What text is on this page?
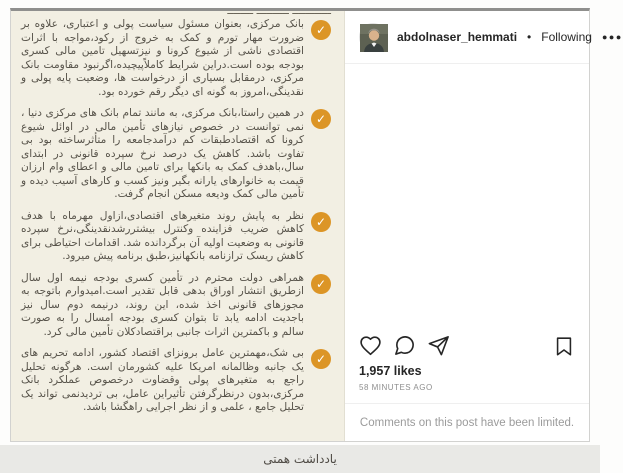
ــــــــــــ ــــــــــ ــــــــ
✓

بانک مرکزی، بعنوان مسئول سیاست پولی و اعتباری، علاوه بر ضرورت مهار تورم و کمک به خروج از رکود،مواجه با اثرات اقتصادی ناشی از شیوع کرونا و نیزتسهیل تامین مالی کسری بودجه بوده است.دراین شرایط کاملاًپیچیده،اگرنبود مقاومت بانک مرکزی، درمقابل بسیاری از درخواست ها، وضعیت پایه پولی و نقدینگی،امروز به گونه ای دیگر رقم خورده بود.

✓

در همین راستا،بانک مرکزی، به مانند تمام بانک های مرکزی دنیا ، نمی توانست در خصوص نیازهای تأمین مالی در اوائل شیوع کرونا که اقتصادطبقات کم درآمدجامعه را متأثرساخته بود بی تفاوت باشد. کاهش یک درصد نرخ سپرده قانونی در ابتدای سال،باهدف کمک به بانکها برای تامین مالی و اعطای وام ارزان قیمت به خانوارهای یارانه بگیر ونیز کسب و کارهای آسیب دیده و تأمین مالی کمک ودیعه مسکن انجام گرفت.

✓

نظر به پایش روند متغیرهای اقتصادی،ازاول مهرماه با هدف کاهش ضریب فزاینده وکنترل بیشتررشدنقدینگی،نرخ سپرده قانونی به وضعیت اولیه آن برگردانده شد. اقدامات احتیاطی برای کاهش ریسک ترازنامه بانکهانیز،طبق برنامه پیش میرود.

✓

همراهی دولت محترم در تأمین کسری بودجه نیمه اول سال ازطریق انتشار اوراق بدهی قابل تقدیر است.امیدوارم باتوجه به مجوزهای قانونی اخذ شده، این روند، درنیمه دوم سال نیز باجدیت ادامه یابد تا بتوان کسری بودجه امسال را به صورت سالم و باکمترین اثرات جانبی براقتصادکلان تأمین مالی کرد.

✓

بی شک،مهمترین عامل برونزای اقتصاد کشور، ادامه تحریم های یک جانبه وظالمانه امریکا علیه کشورمان است. هرگونه تحلیل راجع به متغیرهای پولی وقضاوت درخصوص عملکرد بانک مرکزی،بدون درنظرگرفتن تأثیراین عامل، بی تردیدنمی تواند یک تحلیل جامع ، علمی و از نظر اجرایی راهگشا باشد.

abdolnaser_hemmati • Following ●●●
1,957 likes
58 MINUTES AGO
Comments on this post have been limited.
یادداشت همتی
